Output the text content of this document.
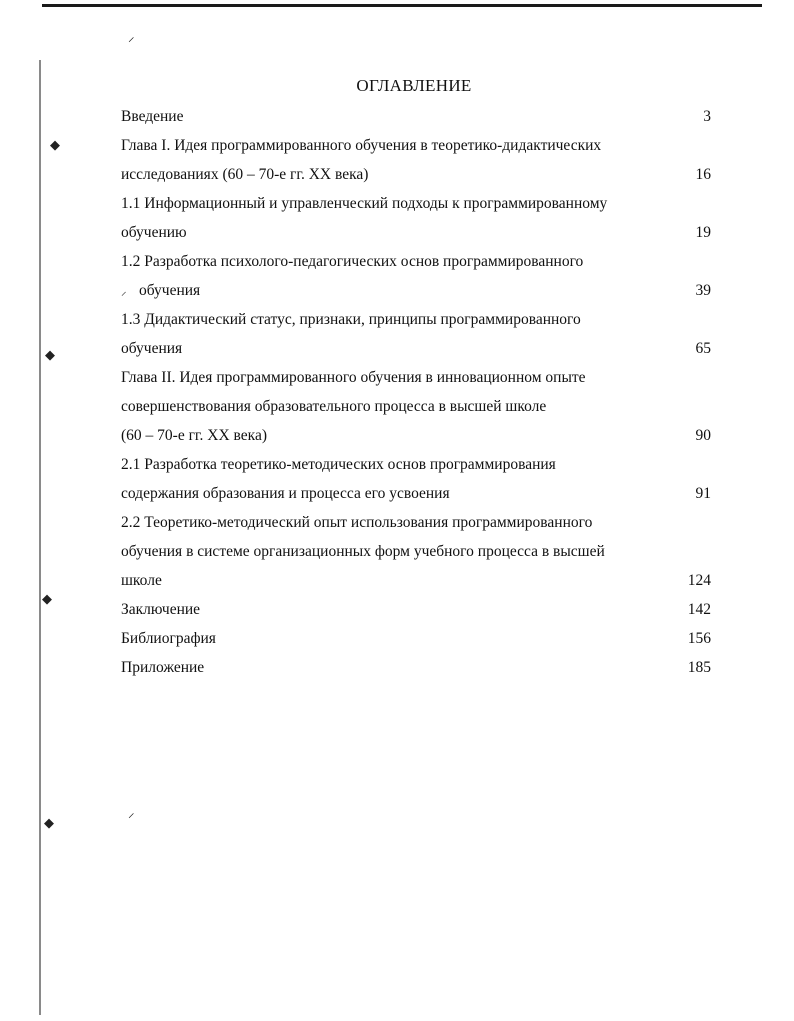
⸝
◆
◆
◆
◆
⸝
ОГЛАВЛЕНИЕ
Введение	3
Глава I. Идея программированного обучения в теоретико-дидактических
исследованиях (60 – 70-е гг. XX века)	16
1.1 Информационный и управленческий подходы к программированному
обучению	19
1.2 Разработка психолого-педагогических основ программированного
⸝ обучения	39
1.3 Дидактический статус, признаки, принципы программированного
обучения	65
Глава II. Идея программированного обучения в инновационном опыте
совершенствования образовательного процесса в высшей школе
(60 – 70-е гг. XX века)	90
2.1 Разработка теоретико-методических основ программирования
содержания образования и процесса его усвоения	91
2.2 Теоретико-методический опыт использования программированного
обучения в системе организационных форм учебного процесса в высшей
школе	124
Заключение	142
Библиография	156
Приложение	185
